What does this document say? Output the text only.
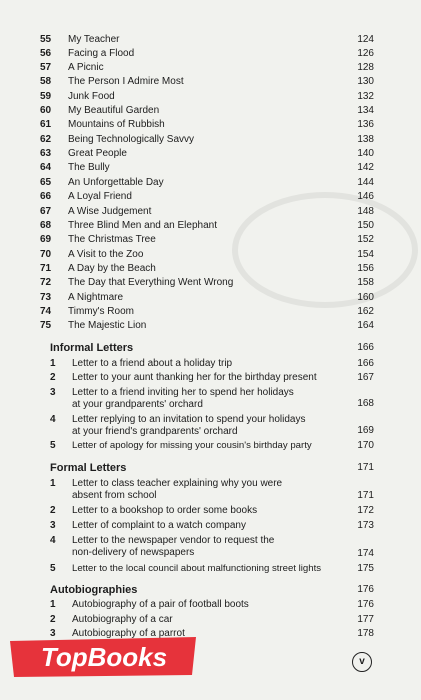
55	My Teacher	124
56	Facing a Flood	126
57	A Picnic	128
58	The Person I Admire Most	130
59	Junk Food	132
60	My Beautiful Garden	134
61	Mountains of Rubbish	136
62	Being Technologically Savvy	138
63	Great People	140
64	The Bully	142
65	An Unforgettable Day	144
66	A Loyal Friend	146
67	A Wise Judgement	148
68	Three Blind Men and an Elephant	150
69	The Christmas Tree	152
70	A Visit to the Zoo	154
71	A Day by the Beach	156
72	The Day that Everything Went Wrong	158
73	A Nightmare	160
74	Timmy's Room	162
75	The Majestic Lion	164
Informal Letters	166
1	Letter to a friend about a holiday trip	166
2	Letter to your aunt thanking her for the birthday present	167
3	Letter to a friend inviting her to spend her holidays at your grandparents' orchard	168
4	Letter replying to an invitation to spend your holidays at your friend's grandparents' orchard	169
5	Letter of apology for missing your cousin's birthday party	170
Formal Letters	171
1	Letter to class teacher explaining why you were absent from school	171
2	Letter to a bookshop to order some books	172
3	Letter of complaint to a watch company	173
4	Letter to the newspaper vendor to request the non-delivery of newspapers	174
5	Letter to the local council about malfunctioning street lights	175
Autobiographies	176
1	Autobiography of a pair of football boots	176
2	Autobiography of a car	177
3	Autobiography of a parrot	178
v
TopBooks
